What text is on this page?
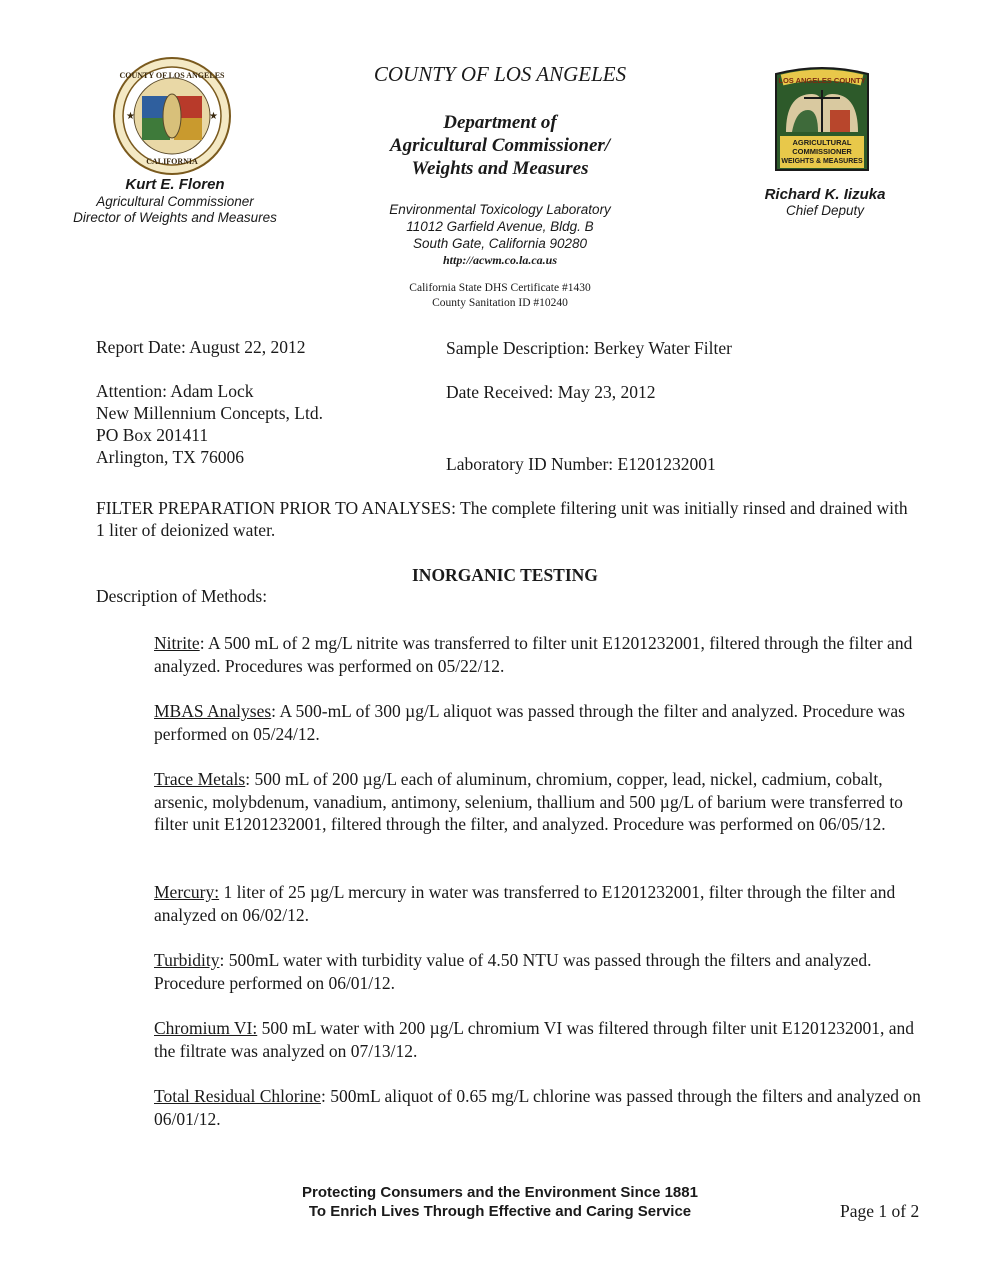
COUNTY OF LOS ANGELES
CALIFORNIA
★	★
Kurt E. Floren
Agricultural Commissioner
Director of Weights and Measures
COUNTY OF LOS ANGELES
Department of
Agricultural Commissioner/
Weights and Measures
Environmental Toxicology Laboratory
11012 Garfield Avenue, Bldg. B
South Gate, California 90280
http://acwm.co.la.ca.us
California State DHS Certificate #1430
County Sanitation ID #10240
LOS ANGELES COUNTY
AGRICULTURAL
COMMISSIONER
WEIGHTS & MEASURES
Richard K. Iizuka
Chief Deputy
Report Date: August 22, 2012	Sample Description: Berkey Water Filter
Attention: Adam Lock
New Millennium Concepts, Ltd.
PO Box 201411
Arlington, TX 76006
Date Received: May 23, 2012
Laboratory ID Number: E1201232001
FILTER PREPARATION PRIOR TO ANALYSES: The complete filtering unit was initially rinsed and drained with 1 liter of deionized water.
INORGANIC TESTING
Description of Methods:
Nitrite: A 500 mL of 2 mg/L nitrite was transferred to filter unit E1201232001, filtered through the filter and analyzed. Procedures was performed on 05/22/12.
MBAS Analyses: A 500-mL of 300 µg/L aliquot was passed through the filter and analyzed. Procedure was performed on 05/24/12.
Trace Metals: 500 mL of 200 µg/L each of aluminum, chromium, copper, lead, nickel, cadmium, cobalt, arsenic, molybdenum, vanadium, antimony, selenium, thallium and 500 µg/L of barium were transferred to filter unit E1201232001, filtered through the filter, and analyzed. Procedure was performed on 06/05/12.
Mercury: 1 liter of 25 µg/L mercury in water was transferred to E1201232001, filter through the filter and analyzed on 06/02/12.
Turbidity: 500mL water with turbidity value of 4.50 NTU was passed through the filters and analyzed. Procedure performed on 06/01/12.
Chromium VI: 500 mL water with 200 µg/L chromium VI was filtered through filter unit E1201232001, and the filtrate was analyzed on 07/13/12.
Total Residual Chlorine: 500mL aliquot of 0.65 mg/L chlorine was passed through the filters and analyzed on 06/01/12.
Protecting Consumers and the Environment Since 1881
To Enrich Lives Through Effective and Caring Service	Page 1 of 2
